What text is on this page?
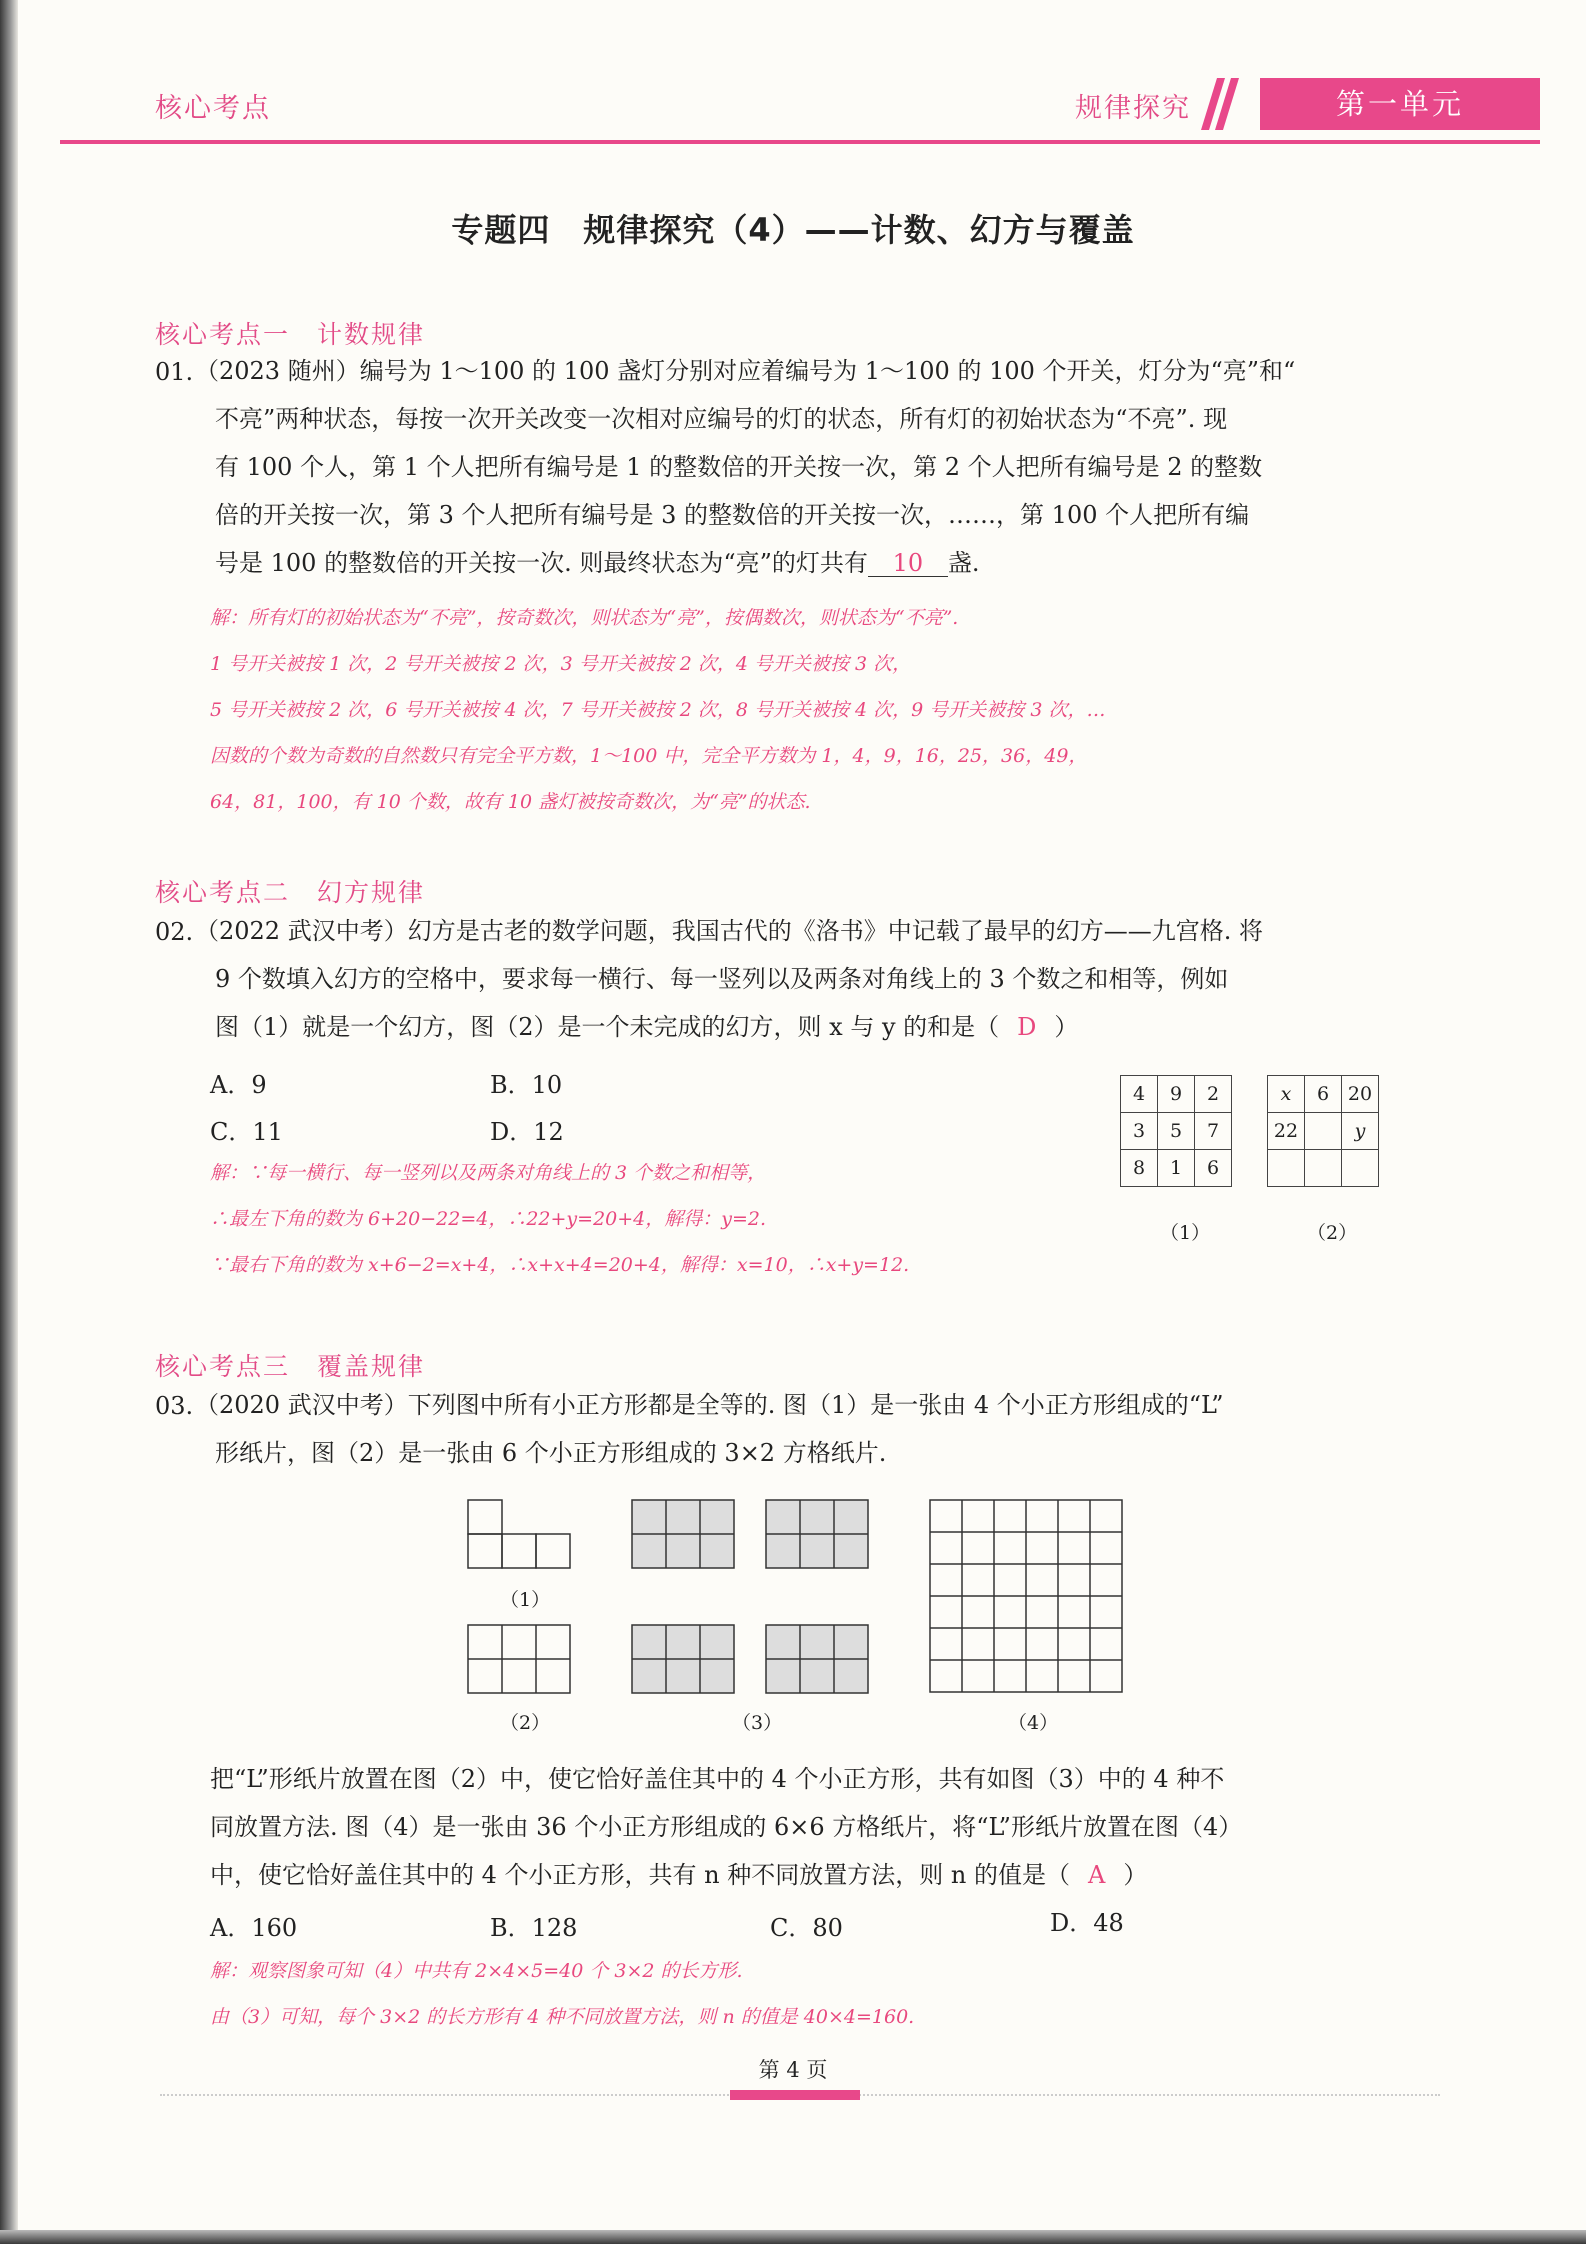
核心考点	规律探究	第一单元
专题四　规律探究（4）——计数、幻方与覆盖
核心考点一　计数规律
01. （2023 随州）编号为 1～100 的 100 盏灯分别对应着编号为 1～100 的 100 个开关，灯分为“亮”和“
不亮”两种状态，每按一次开关改变一次相对应编号的灯的状态，所有灯的初始状态为“不亮”. 现
有 100 个人，第 1 个人把所有编号是 1 的整数倍的开关按一次，第 2 个人把所有编号是 2 的整数
倍的开关按一次，第 3 个人把所有编号是 3 的整数倍的开关按一次，……，第 100 个人把所有编
号是 100 的整数倍的开关按一次. 则最终状态为“亮”的灯共有 10 盏.
解：所有灯的初始状态为“不亮”，按奇数次，则状态为“亮”，按偶数次，则状态为“不亮”.
1 号开关被按 1 次，2 号开关被按 2 次，3 号开关被按 2 次，4 号开关被按 3 次，
5 号开关被按 2 次，6 号开关被按 4 次，7 号开关被按 2 次，8 号开关被按 4 次，9 号开关被按 3 次，…
因数的个数为奇数的自然数只有完全平方数，1～100 中，完全平方数为 1，4，9，16，25，36，49，
64，81，100，有 10 个数，故有 10 盏灯被按奇数次，为“亮”的状态.
核心考点二　幻方规律
02. （2022 武汉中考）幻方是古老的数学问题，我国古代的《洛书》中记载了最早的幻方——九宫格. 将
9 个数填入幻方的空格中，要求每一横行、每一竖列以及两条对角线上的 3 个数之和相等，例如
图（1）就是一个幻方，图（2）是一个未完成的幻方，则 x 与 y 的和是（ D ）
A．9	B．10
C．11	D．12
解：∵每一横行、每一竖列以及两条对角线上的 3 个数之和相等，
∴最左下角的数为 6+20−22=4，∴22+y=20+4，解得：y=2.
∵最右下角的数为 x+6−2=x+4，∴x+x+4=20+4，解得：x=10，∴x+y=12.
4	9	2
3	5	7
8	1	6
（1）
x	6	20
22		y

（2）
核心考点三　覆盖规律
03. （2020 武汉中考）下列图中所有小正方形都是全等的. 图（1）是一张由 4 个小正方形组成的“L”
形纸片，图（2）是一张由 6 个小正方形组成的 3×2 方格纸片.
（1）
（2）	（3）	（4）
把“L”形纸片放置在图（2）中，使它恰好盖住其中的 4 个小正方形，共有如图（3）中的 4 种不
同放置方法. 图（4）是一张由 36 个小正方形组成的 6×6 方格纸片，将“L”形纸片放置在图（4）
中，使它恰好盖住其中的 4 个小正方形，共有 n 种不同放置方法，则 n 的值是（ A ）
A．160	B．128	C．80	D．48
解：观察图象可知（4）中共有 2×4×5=40 个 3×2 的长方形.
由（3）可知，每个 3×2 的长方形有 4 种不同放置方法，则 n 的值是 40×4=160.
第 4 页
